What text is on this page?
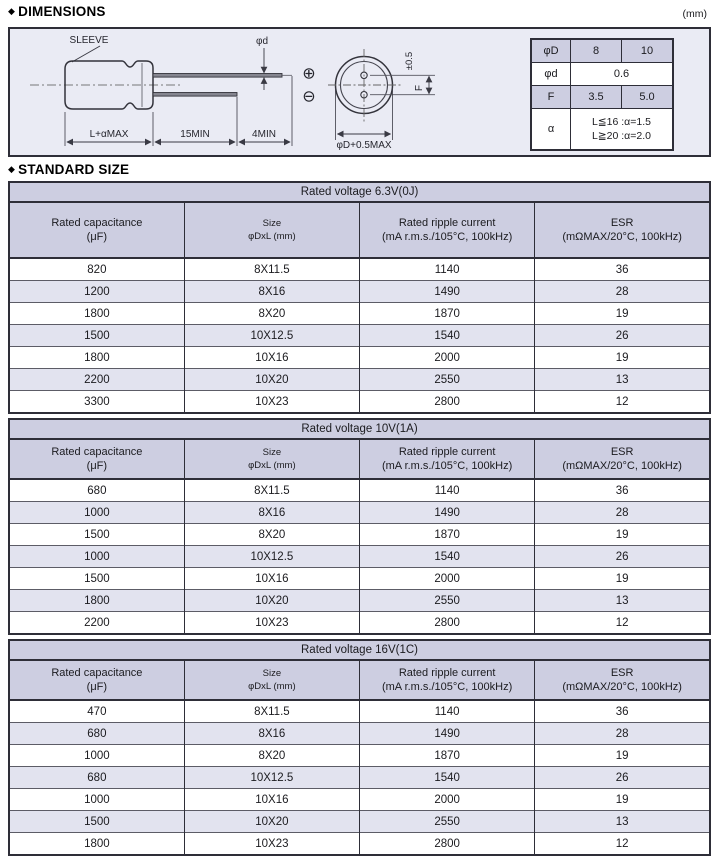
◆ DIMENSIONS	(mm)
SLEEVE	φd
⊕
⊖
L+αMAX	15MIN	4MIN
±0.5
F
φD+0.5MAX
φD	8	10
φd	0.6	
F	3.5	5.0
α	L≦16 :α=1.5
L≧20 :α=2.0	
◆ STANDARD SIZE
Rated voltage 6.3V(0J)			

Rated capacitance
(μF)

Size
φDxL (mm)

Rated ripple current
(mA r.m.s./105°C, 100kHz)

ESR
(mΩMAX/20°C, 100kHz)

820	8X11.5	1140	36
1200	8X16	1490	28
1800	8X20	1870	19
1500	10X12.5	1540	26
1800	10X16	2000	19
2200	10X20	2550	13
3300	10X23	2800	12
Rated voltage 10V(1A)			

Rated capacitance
(μF)

Size
φDxL (mm)

Rated ripple current
(mA r.m.s./105°C, 100kHz)

ESR
(mΩMAX/20°C, 100kHz)

680	8X11.5	1140	36
1000	8X16	1490	28
1500	8X20	1870	19
1000	10X12.5	1540	26
1500	10X16	2000	19
1800	10X20	2550	13
2200	10X23	2800	12
Rated voltage 16V(1C)			

Rated capacitance
(μF)

Size
φDxL (mm)

Rated ripple current
(mA r.m.s./105°C, 100kHz)

ESR
(mΩMAX/20°C, 100kHz)

470	8X11.5	1140	36
680	8X16	1490	28
1000	8X20	1870	19
680	10X12.5	1540	26
1000	10X16	2000	19
1500	10X20	2550	13
1800	10X23	2800	12
